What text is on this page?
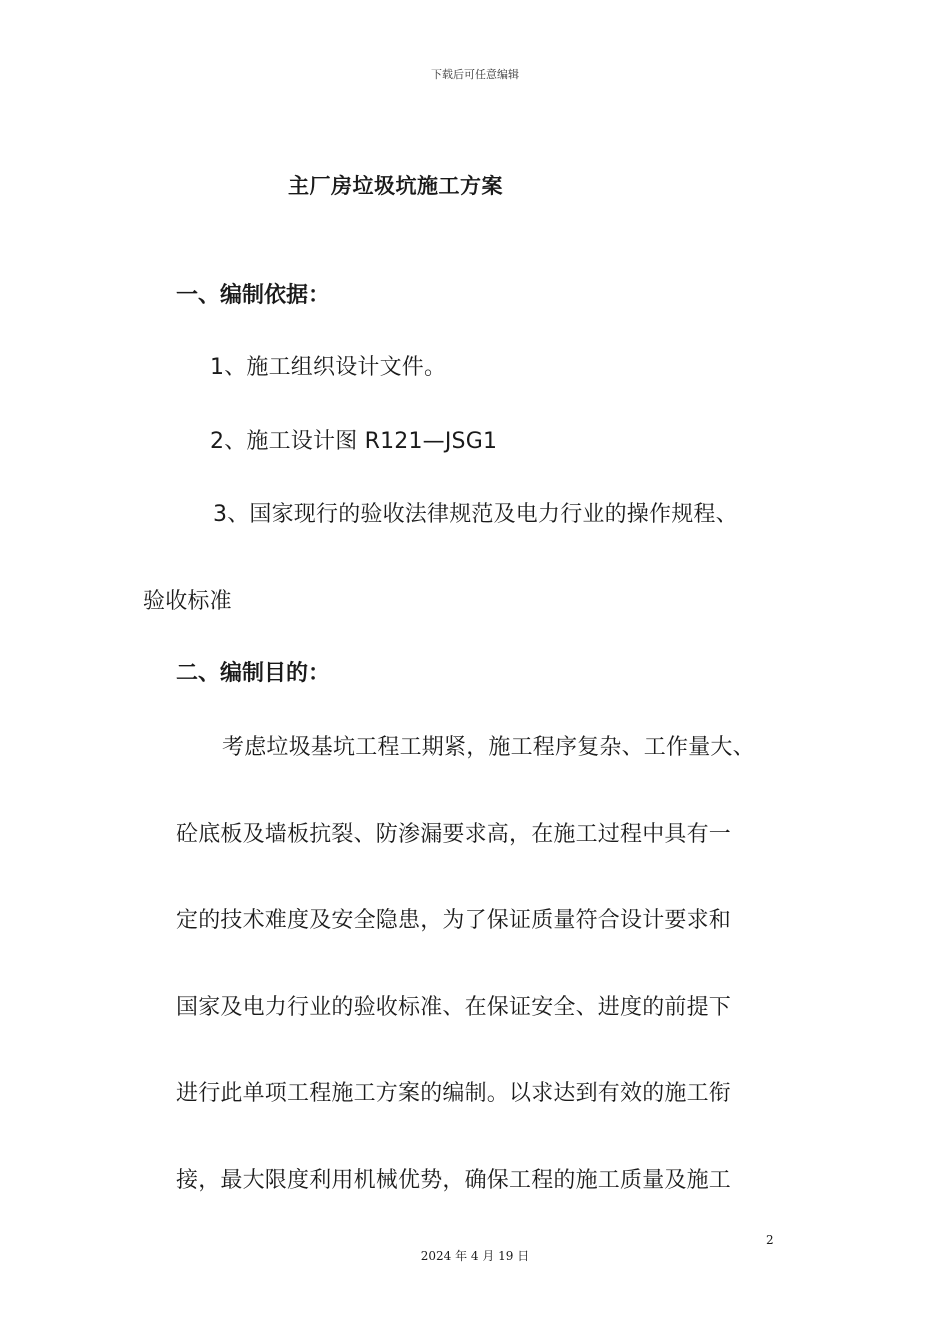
下载后可任意编辑
主厂房垃圾坑施工方案
一、编制依据：
1、施工组织设计文件。
2、施工设计图 R121—JSG1
3、国家现行的验收法律规范及电力行业的操作规程、
验收标准
二、编制目的：
考虑垃圾基坑工程工期紧，施工程序复杂、工作量大、
砼底板及墙板抗裂、防渗漏要求高，在施工过程中具有一
定的技术难度及安全隐患，为了保证质量符合设计要求和
国家及电力行业的验收标准、在保证安全、进度的前提下
进行此单项工程施工方案的编制。以求达到有效的施工衔
接，最大限度利用机械优势，确保工程的施工质量及施工
2
2024 年 4 月 19 日
